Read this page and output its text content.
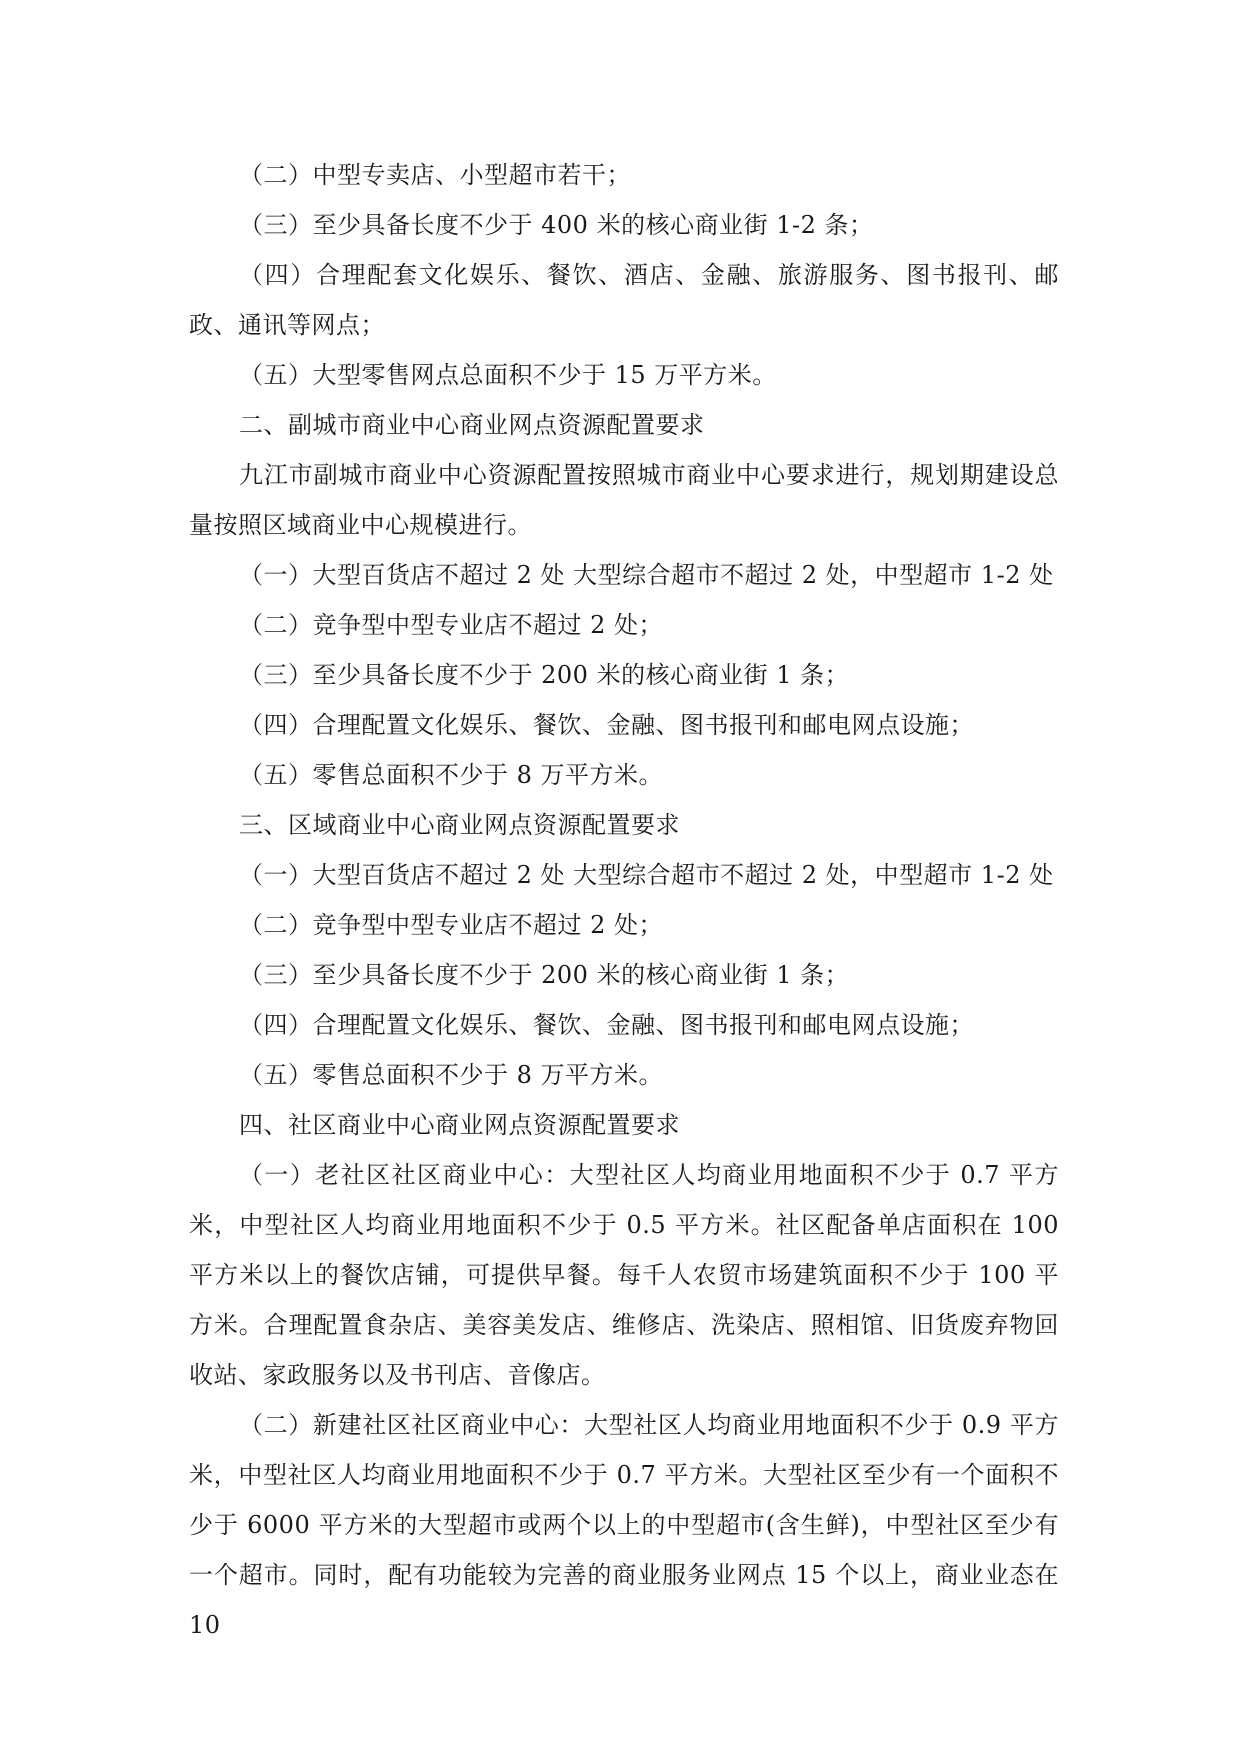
（二）中型专卖店、小型超市若干；

（三）至少具备长度不少于 400 米的核心商业街 1-2 条；

（四）合理配套文化娱乐、餐饮、酒店、金融、旅游服务、图书报刊、邮政、通讯等网点；

（五）大型零售网点总面积不少于 15 万平方米。

二、副城市商业中心商业网点资源配置要求

九江市副城市商业中心资源配置按照城市商业中心要求进行，规划期建设总量按照区域商业中心规模进行。

（一）大型百货店不超过 2 处 大型综合超市不超过 2 处，中型超市 1-2 处

（二）竞争型中型专业店不超过 2 处；

（三）至少具备长度不少于 200 米的核心商业街 1 条；

（四）合理配置文化娱乐、餐饮、金融、图书报刊和邮电网点设施；

（五）零售总面积不少于 8 万平方米。

三、区域商业中心商业网点资源配置要求

（一）大型百货店不超过 2 处 大型综合超市不超过 2 处，中型超市 1-2 处

（二）竞争型中型专业店不超过 2 处；

（三）至少具备长度不少于 200 米的核心商业街 1 条；

（四）合理配置文化娱乐、餐饮、金融、图书报刊和邮电网点设施；

（五）零售总面积不少于 8 万平方米。

四、社区商业中心商业网点资源配置要求

（一）老社区社区商业中心：大型社区人均商业用地面积不少于 0.7 平方米，中型社区人均商业用地面积不少于 0.5 平方米。社区配备单店面积在 100 平方米以上的餐饮店铺，可提供早餐。每千人农贸市场建筑面积不少于 100 平方米。合理配置食杂店、美容美发店、维修店、洗染店、照相馆、旧货废弃物回收站、家政服务以及书刊店、音像店。

（二）新建社区社区商业中心：大型社区人均商业用地面积不少于 0.9 平方米，中型社区人均商业用地面积不少于 0.7 平方米。大型社区至少有一个面积不少于 6000 平方米的大型超市或两个以上的中型超市(含生鲜)，中型社区至少有一个超市。同时，配有功能较为完善的商业服务业网点 15 个以上，商业业态在 10
